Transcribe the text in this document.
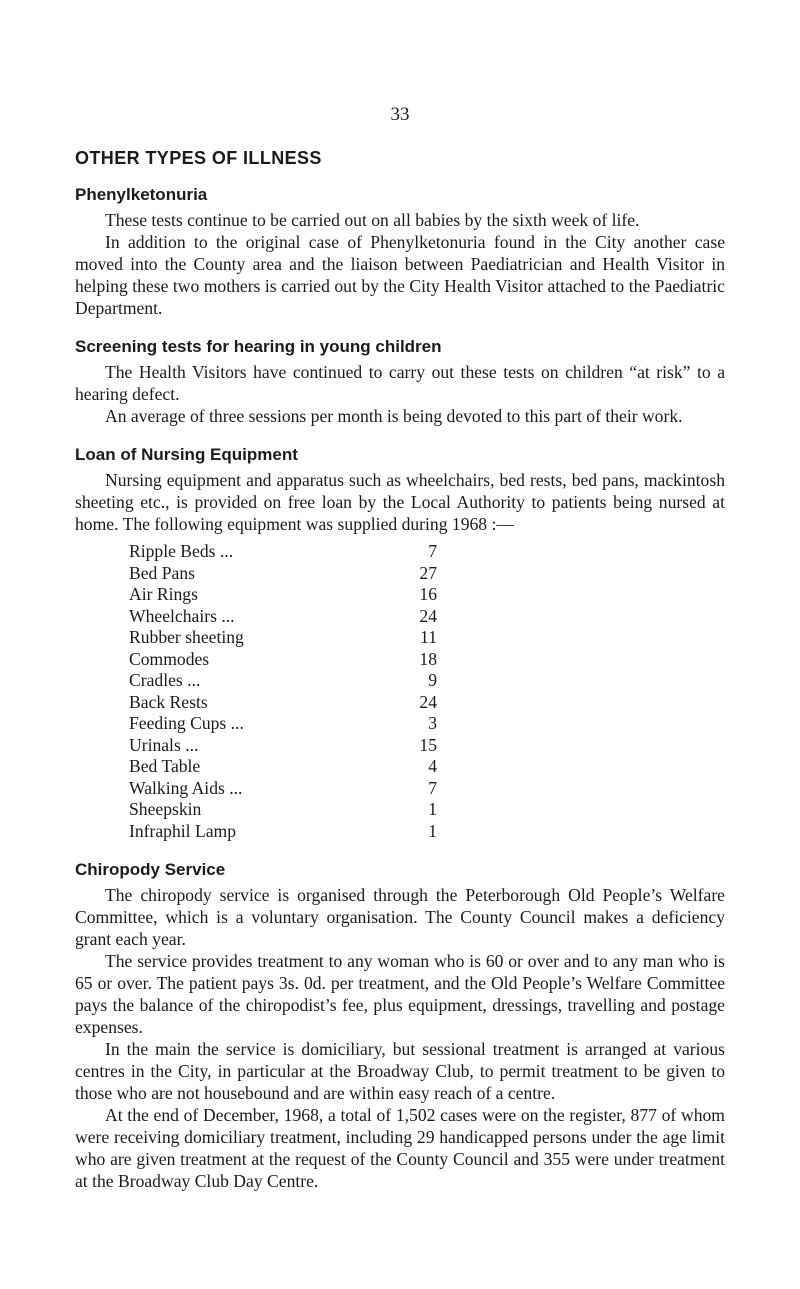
33
OTHER TYPES OF ILLNESS
Phenylketonuria

These tests continue to be carried out on all babies by the sixth week of life.

In addition to the original case of Phenylketonuria found in the City another case moved into the County area and the liaison between Paediatrician and Health Visitor in helping these two mothers is carried out by the City Health Visitor attached to the Paediatric Department.

Screening tests for hearing in young children

The Health Visitors have continued to carry out these tests on children “at risk” to a hearing defect.

An average of three sessions per month is being devoted to this part of their work.

Loan of Nursing Equipment

Nursing equipment and apparatus such as wheelchairs, bed rests, bed pans, mackintosh sheeting etc., is provided on free loan by the Local Authority to patients being nursed at home. The following equipment was supplied during 1968 :—

Ripple Beds ...	7
Bed Pans	27
Air Rings	16
Wheelchairs ...	24
Rubber sheeting	11
Commodes	18
Cradles ...	9
Back Rests	24
Feeding Cups ...	3
Urinals ...	15
Bed Table	4
Walking Aids ...	7
Sheepskin	1
Infraphil Lamp	1
Chiropody Service

The chiropody service is organised through the Peterborough Old People’s Welfare Committee, which is a voluntary organisation. The County Council makes a deficiency grant each year.

The service provides treatment to any woman who is 60 or over and to any man who is 65 or over. The patient pays 3s. 0d. per treatment, and the Old People’s Welfare Committee pays the balance of the chiropodist’s fee, plus equipment, dressings, travelling and postage expenses.

In the main the service is domiciliary, but sessional treatment is arranged at various centres in the City, in particular at the Broadway Club, to permit treatment to be given to those who are not housebound and are within easy reach of a centre.

At the end of December, 1968, a total of 1,502 cases were on the register, 877 of whom were receiving domiciliary treatment, including 29 handicapped persons under the age limit who are given treatment at the request of the County Council and 355 were under treatment at the Broadway Club Day Centre.
